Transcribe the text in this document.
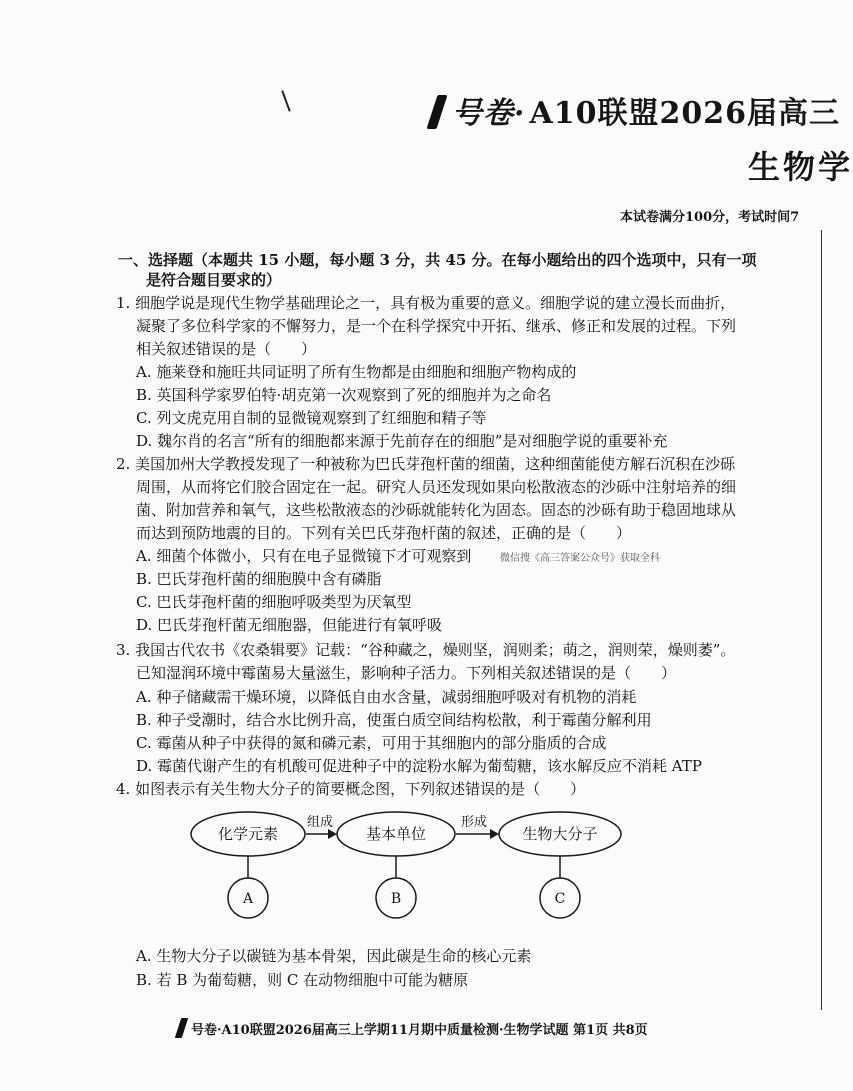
号卷· A10联盟2026届高三
生物学
本试卷满分100分，考试时间7
一、选择题（本题共 15 小题，每小题 3 分，共 45 分。在每小题给出的四个选项中，只有一项
是符合题目要求的）
1. 细胞学说是现代生物学基础理论之一，具有极为重要的意义。细胞学说的建立漫长而曲折，
凝聚了多位科学家的不懈努力，是一个在科学探究中开拓、继承、修正和发展的过程。下列
相关叙述错误的是（　　）
A. 施莱登和施旺共同证明了所有生物都是由细胞和细胞产物构成的
B. 英国科学家罗伯特·胡克第一次观察到了死的细胞并为之命名
C. 列文虎克用自制的显微镜观察到了红细胞和精子等
D. 魏尔肖的名言“所有的细胞都来源于先前存在的细胞”是对细胞学说的重要补充
2. 美国加州大学教授发现了一种被称为巴氏芽孢杆菌的细菌，这种细菌能使方解石沉积在沙砾
周围，从而将它们胶合固定在一起。研究人员还发现如果向松散液态的沙砾中注射培养的细
菌、附加营养和氧气，这些松散液态的沙砾就能转化为固态。固态的沙砾有助于稳固地球从
而达到预防地震的目的。下列有关巴氏芽孢杆菌的叙述，正确的是（　　）
A. 细菌个体微小，只有在电子显微镜下才可观察到	微信搜《高三答案公众号》获取全科
B. 巴氏芽孢杆菌的细胞膜中含有磷脂
C. 巴氏芽孢杆菌的细胞呼吸类型为厌氧型
D. 巴氏芽孢杆菌无细胞器，但能进行有氧呼吸
3. 我国古代农书《农桑辑要》记载：“谷种藏之，燥则坚，润则柔；萌之，润则荣，燥则萎”。
已知湿润环境中霉菌易大量滋生，影响种子活力。下列相关叙述错误的是（　　）
A. 种子储藏需干燥环境，以降低自由水含量，减弱细胞呼吸对有机物的消耗
B. 种子受潮时，结合水比例升高，使蛋白质空间结构松散，利于霉菌分解利用
C. 霉菌从种子中获得的氮和磷元素，可用于其细胞内的部分脂质的合成
D. 霉菌代谢产生的有机酸可促进种子中的淀粉水解为葡萄糖，该水解反应不消耗 ATP
4. 如图表示有关生物大分子的简要概念图，下列叙述错误的是（　　）
化学元素	基本单位	生物大分子
组成	形成
A	B	C
A. 生物大分子以碳链为基本骨架，因此碳是生命的核心元素
B. 若 B 为葡萄糖，则 C 在动物细胞中可能为糖原
号卷·A10联盟2026届高三上学期11月期中质量检测·生物学试题 第1页 共8页
